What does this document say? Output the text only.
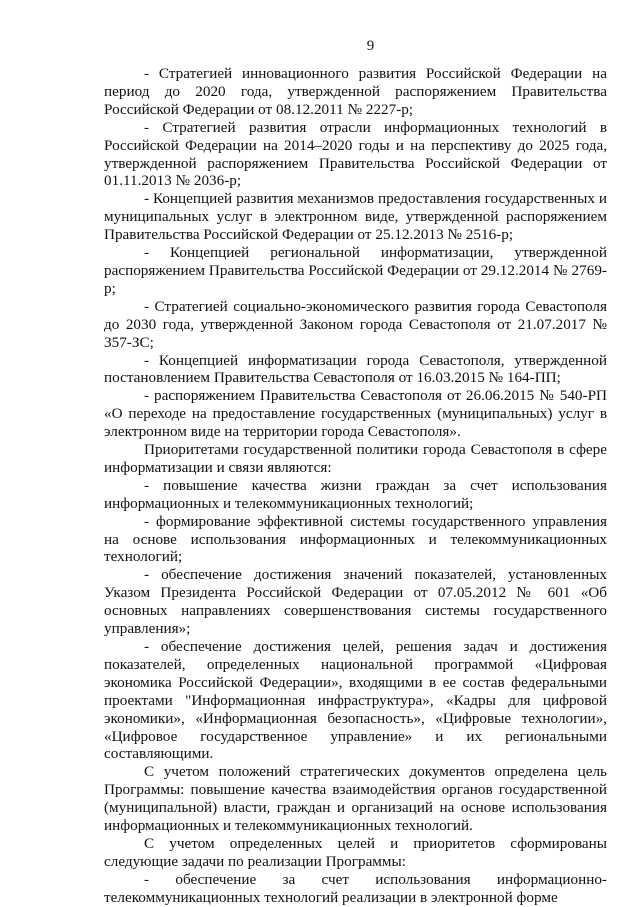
9

- Стратегией инновационного развития Российской Федерации на период до 2020 года, утвержденной распоряжением Правительства Российской Федерации от 08.12.2011 № 2227-р;

- Стратегией развития отрасли информационных технологий в Российской Федерации на 2014–2020 годы и на перспективу до 2025 года, утвержденной распоряжением Правительства Российской Федерации от 01.11.2013 № 2036-р;

- Концепцией развития механизмов предоставления государственных и муниципальных услуг в электронном виде, утвержденной распоряжением Правительства Российской Федерации от 25.12.2013 № 2516-р;

- Концепцией региональной информатизации, утвержденной распоряжением Правительства Российской Федерации от 29.12.2014 № 2769-р;

- Стратегией социально-экономического развития города Севастополя до 2030 года, утвержденной Законом города Севастополя от 21.07.2017 № 357-ЗС;

- Концепцией информатизации города Севастополя, утвержденной постановлением Правительства Севастополя от 16.03.2015 № 164-ПП;

- распоряжением Правительства Севастополя от 26.06.2015 № 540-РП «О переходе на предоставление государственных (муниципальных) услуг в электронном виде на территории города Севастополя».

Приоритетами государственной политики города Севастополя в сфере информатизации и связи являются:

- повышение качества жизни граждан за счет использования информационных и телекоммуникационных технологий;

- формирование эффективной системы государственного управления на основе использования информационных и телекоммуникационных технологий;

- обеспечение достижения значений показателей, установленных Указом Президента Российской Федерации от 07.05.2012 № 601 «Об основных направлениях совершенствования системы государственного управления»;

- обеспечение достижения целей, решения задач и достижения показателей, определенных национальной программой «Цифровая экономика Российской Федерации», входящими в ее состав федеральными проектами "Информационная инфраструктура», «Кадры для цифровой экономики», «Информационная безопасность», «Цифровые технологии», «Цифровое государственное управление» и их региональными составляющими.

С учетом положений стратегических документов определена цель Программы: повышение качества взаимодействия органов государственной (муниципальной) власти, граждан и организаций на основе использования информационных и телекоммуникационных технологий.

С учетом определенных целей и приоритетов сформированы следующие задачи по реализации Программы:

- обеспечение за счет использования информационно-телекоммуникационных технологий реализации в электронной форме
